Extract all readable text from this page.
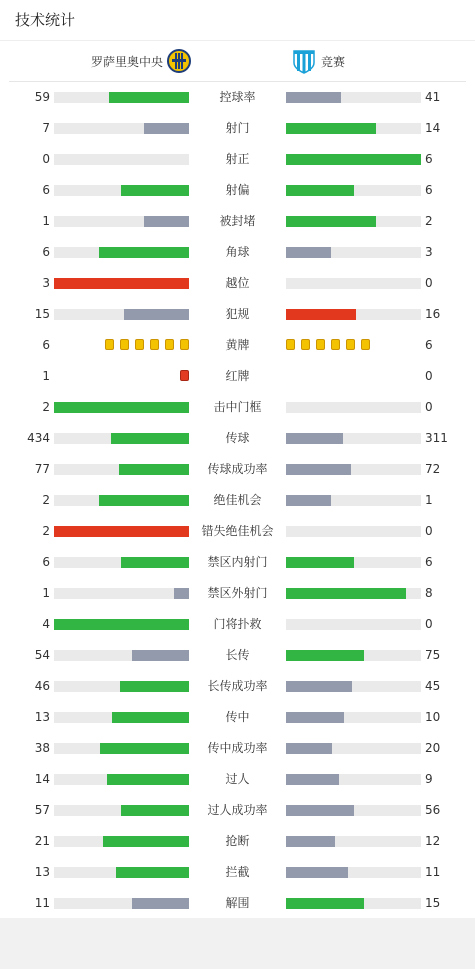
技术统计
罗萨里奥中央	竞赛
59	控球率	41
7	射门	14
0	射正	6
6	射偏	6
1	被封堵	2
6	角球	3
3	越位	0
15	犯规	16
6	黄牌	6
1	红牌	0
2	击中门框	0
434	传球	311
77	传球成功率	72
2	绝佳机会	1
2	错失绝佳机会	0
6	禁区内射门	6
1	禁区外射门	8
4	门将扑救	0
54	长传	75
46	长传成功率	45
13	传中	10
38	传中成功率	20
14	过人	9
57	过人成功率	56
21	抢断	12
13	拦截	11
11	解围	15
